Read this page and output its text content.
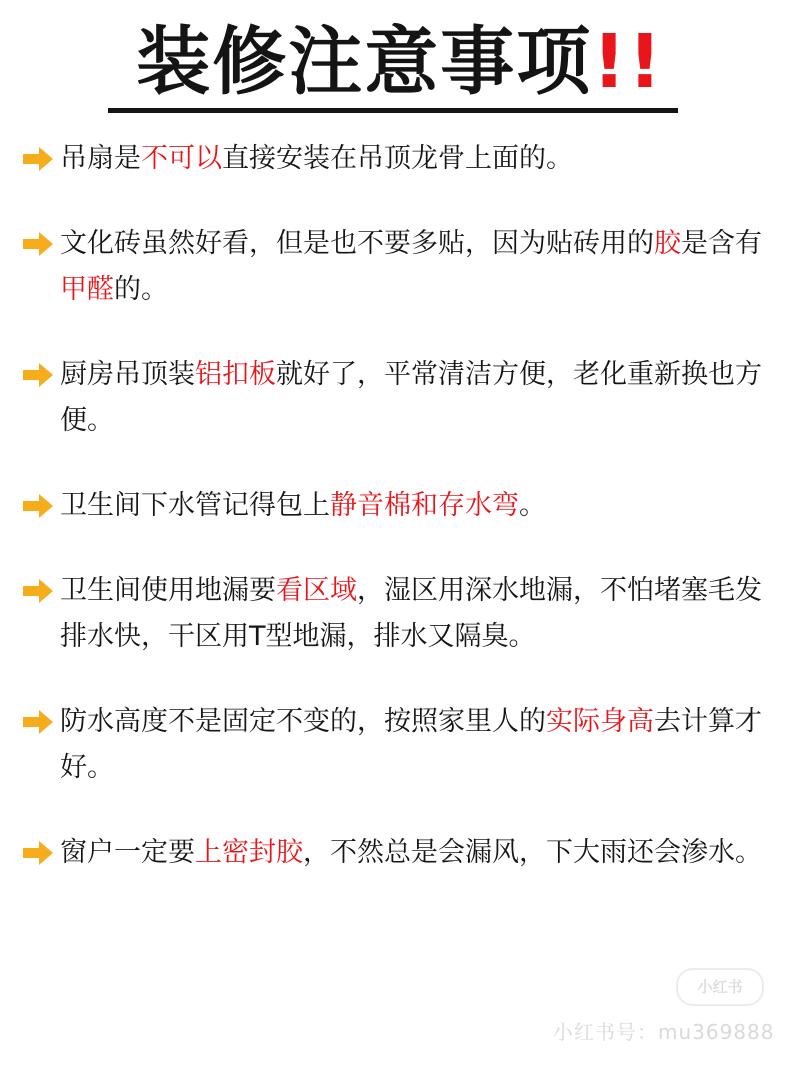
装修注意事项!!
吊扇是不可以直接安装在吊顶龙骨上面的。
文化砖虽然好看，但是也不要多贴，因为贴砖用的胶是含有甲醛的。
厨房吊顶装铝扣板就好了，平常清洁方便，老化重新换也方便。
卫生间下水管记得包上静音棉和存水弯。
卫生间使用地漏要看区域，湿区用深水地漏，不怕堵塞毛发排水快，干区用T型地漏，排水又隔臭。
防水高度不是固定不变的，按照家里人的实际身高去计算才好。
窗户一定要上密封胶，不然总是会漏风，下大雨还会渗水。
小红书
小红书号：mu369888
